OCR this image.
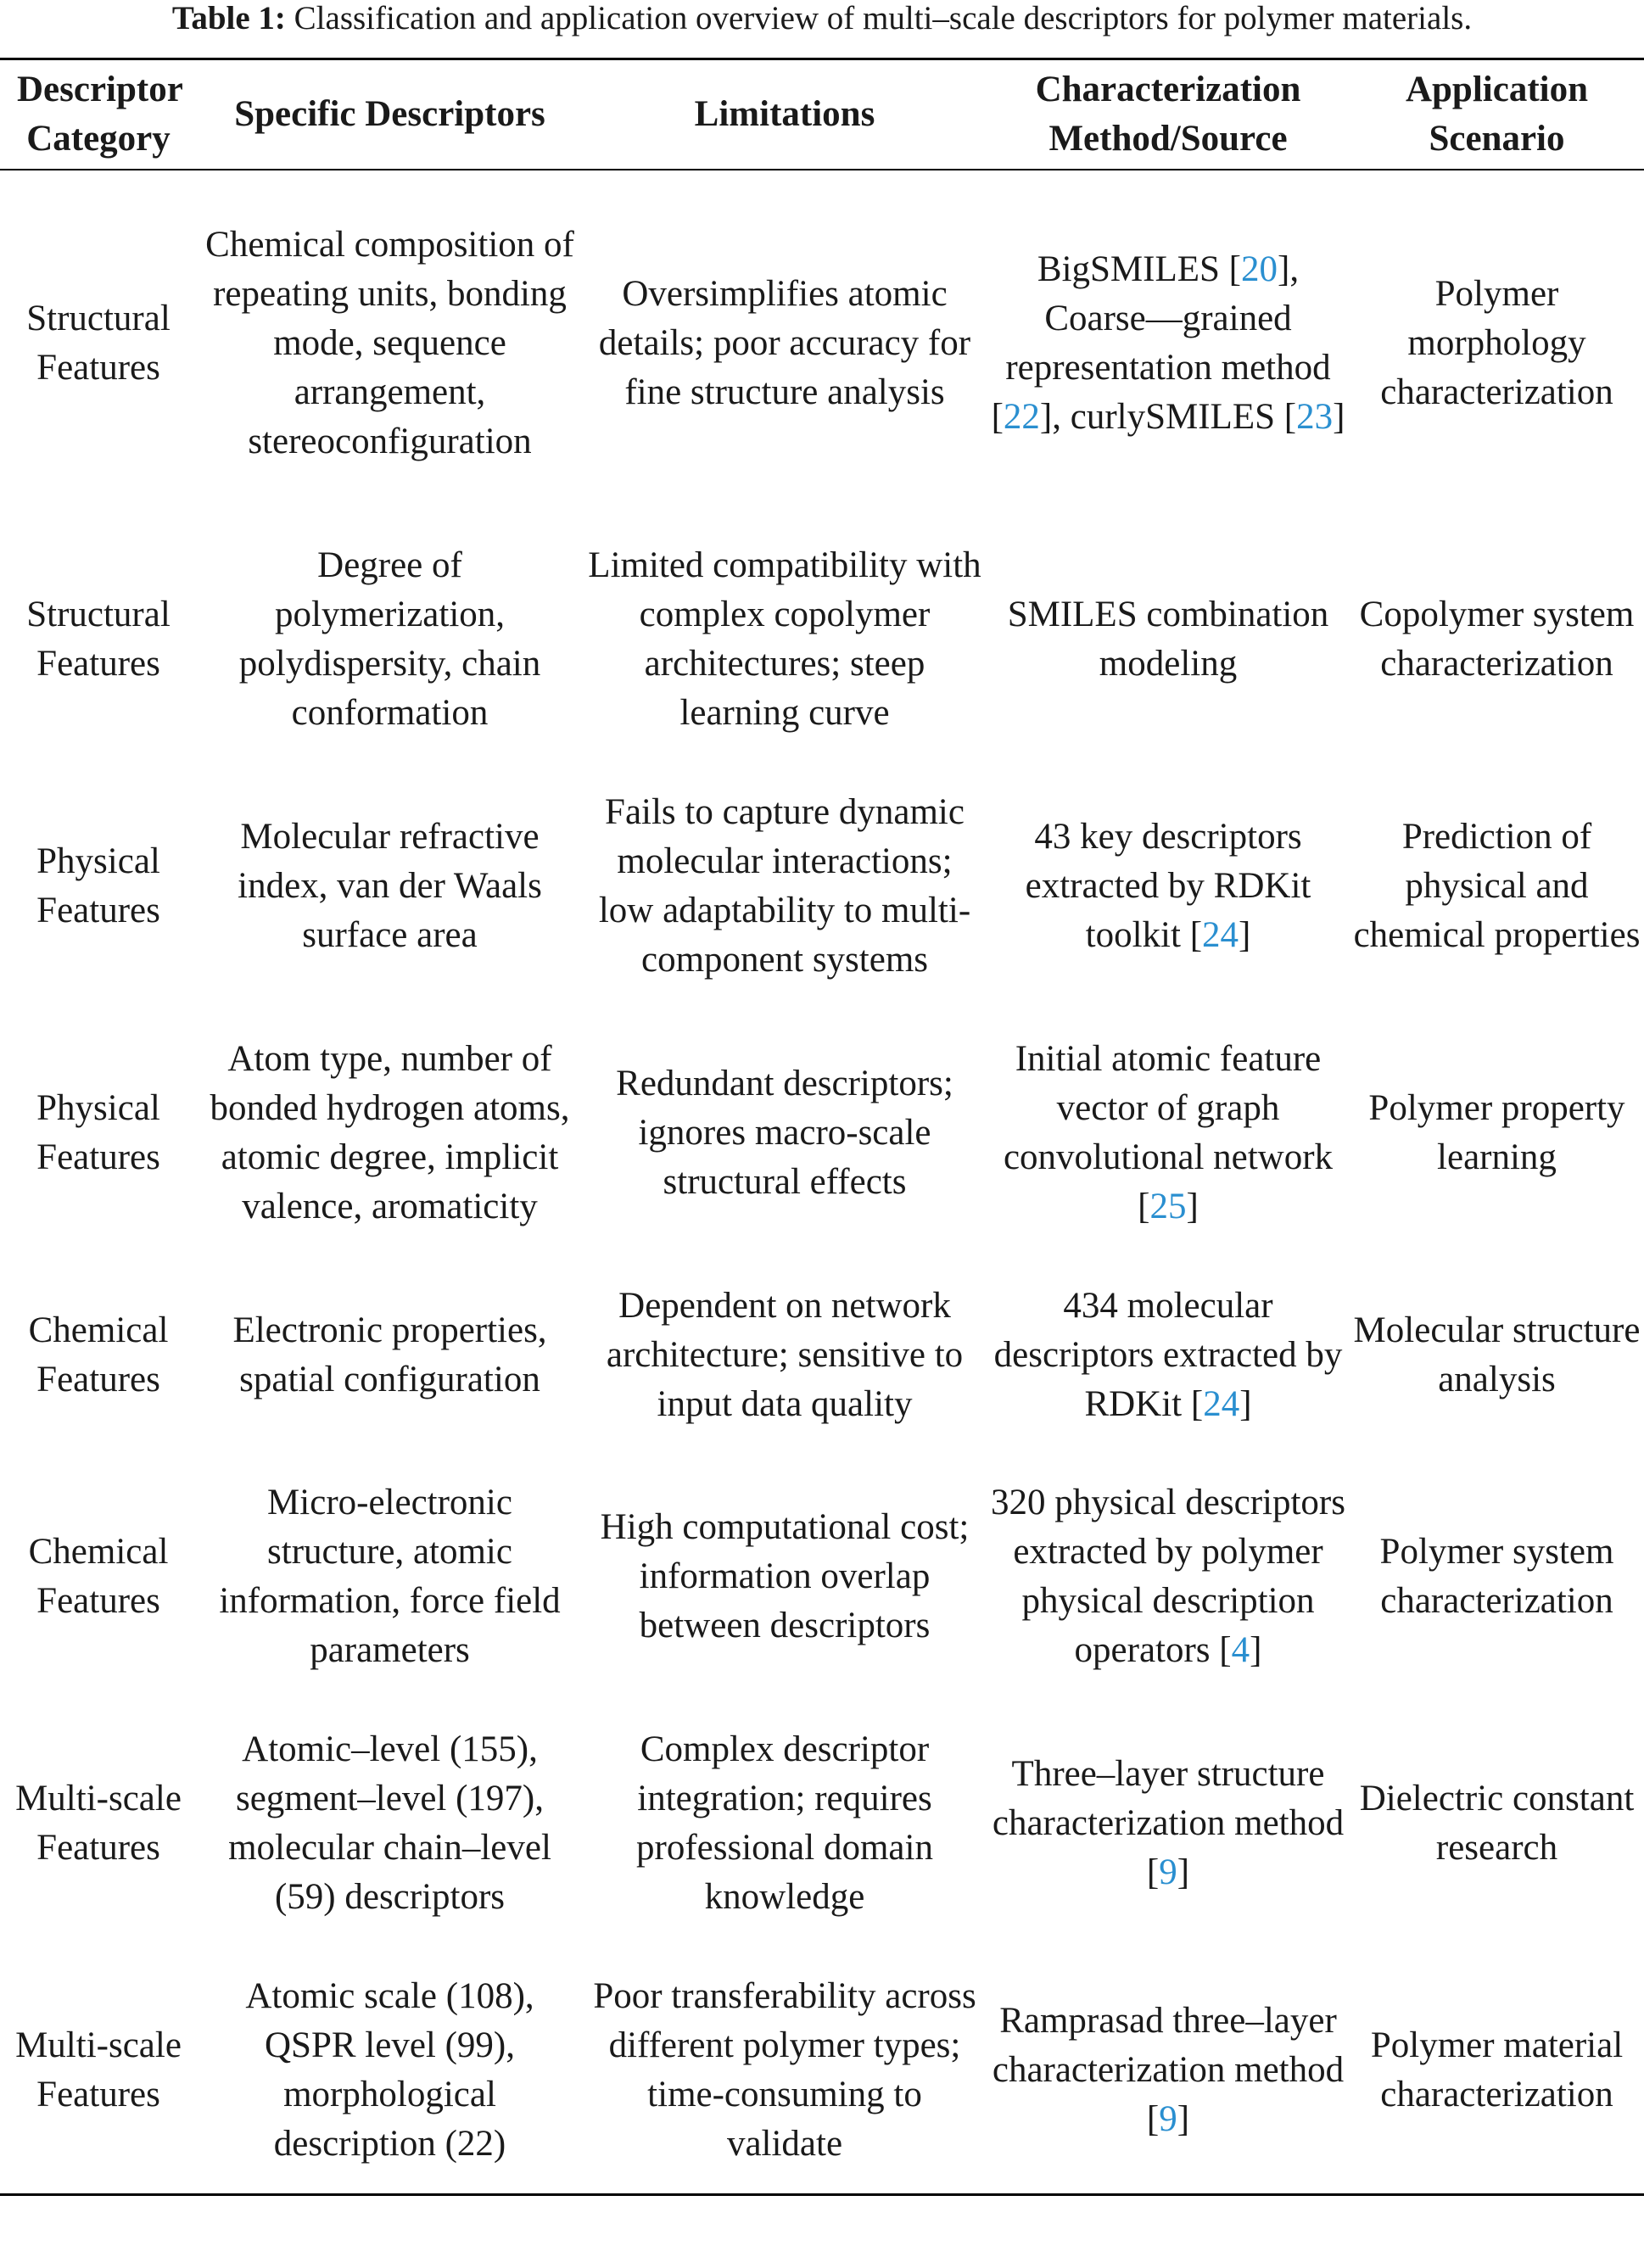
Table 1: Classification and application overview of multi–scale descriptors for polymer materials.
Descriptor Category	Specific Descriptors	Limitations	Characterization Method/Source	Application Scenario
Structural Features	Chemical composition of repeating units, bonding mode, sequence arrangement, stereoconfiguration	Oversimplifies atomic details; poor accuracy for fine structure analysis	BigSMILES [20], Coarse—grained representation method [22], curlySMILES [23]	Polymer morphology characterization
Structural Features	Degree of polymerization, polydispersity, chain conformation	Limited compatibility with complex copolymer architectures; steep learning curve	SMILES combination modeling	Copolymer system characterization
Physical Features	Molecular refractive index, van der Waals surface area	Fails to capture dynamic molecular interactions; low adaptability to multi-component systems	43 key descriptors extracted by RDKit toolkit [24]	Prediction of physical and chemical properties
Physical Features	Atom type, number of bonded hydrogen atoms, atomic degree, implicit valence, aromaticity	Redundant descriptors; ignores macro-scale structural effects	Initial atomic feature vector of graph convolutional network [25]	Polymer property learning
Chemical Features	Electronic properties, spatial configuration	Dependent on network architecture; sensitive to input data quality	434 molecular descriptors extracted by RDKit [24]	Molecular structure analysis
Chemical Features	Micro-electronic structure, atomic information, force field parameters	High computational cost; information overlap between descriptors	320 physical descriptors extracted by polymer physical description operators [4]	Polymer system characterization
Multi-scale Features	Atomic–level (155), segment–level (197), molecular chain–level (59) descriptors	Complex descriptor integration; requires professional domain knowledge	Three–layer structure characterization method [9]	Dielectric constant research
Multi-scale Features	Atomic scale (108), QSPR level (99), morphological description (22)	Poor transferability across different polymer types; time-consuming to validate	Ramprasad three–layer characterization method [9]	Polymer material characterization
